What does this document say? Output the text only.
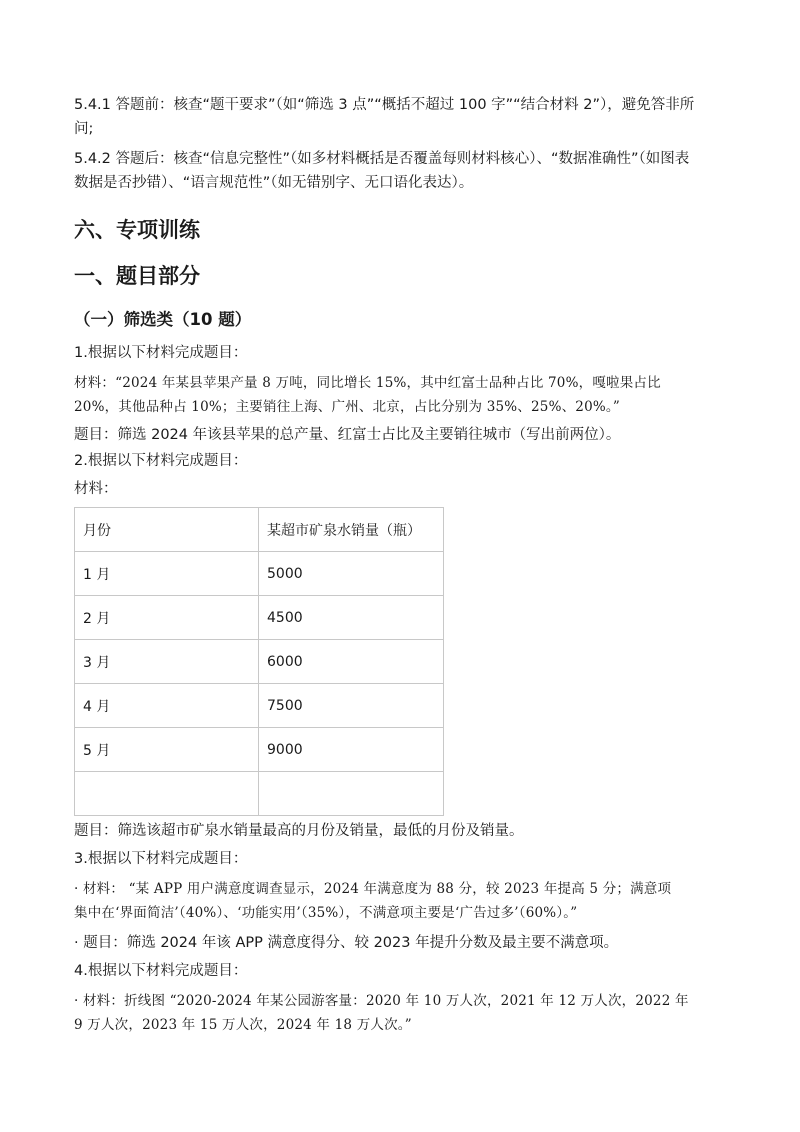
5.4.1 答题前：核查“题干要求”（如“筛选 3 点”“概括不超过 100 字”“结合材料 2”），避免答非所

问;

5.4.2 答题后：核查“信息完整性”（如多材料概括是否覆盖每则材料核心）、“数据准确性”（如图表

数据是否抄错）、“语言规范性”（如无错别字、无口语化表达）。

六、专项训练

一、题目部分

（一）筛选类（10 题）

1.根据以下材料完成题目：

材料：“2024 年某县苹果产量 8 万吨，同比增长 15%，其中红富士品种占比 70%，嘎啦果占比

20%，其他品种占 10%；主要销往上海、广州、北京，占比分别为 35%、25%、20%。”

题目：筛选 2024 年该县苹果的总产量、红富士占比及主要销往城市（写出前两位）。

2.根据以下材料完成题目：

材料：

月份	某超市矿泉水销量（瓶）
1 月	5000
2 月	4500
3 月	6000
4 月	7500
5 月	9000

题目：筛选该超市矿泉水销量最高的月份及销量，最低的月份及销量。

3.根据以下材料完成题目：

· 材料： “某 APP 用户满意度调查显示，2024 年满意度为 88 分，较 2023 年提高 5 分；满意项

集中在‘界面简洁’（40%）、‘功能实用’（35%），不满意项主要是‘广告过多’（60%）。”

· 题目：筛选 2024 年该 APP 满意度得分、较 2023 年提升分数及最主要不满意项。

4.根据以下材料完成题目：

· 材料：折线图 “2020-2024 年某公园游客量：2020 年 10 万人次，2021 年 12 万人次，2022 年

9 万人次，2023 年 15 万人次，2024 年 18 万人次。”
